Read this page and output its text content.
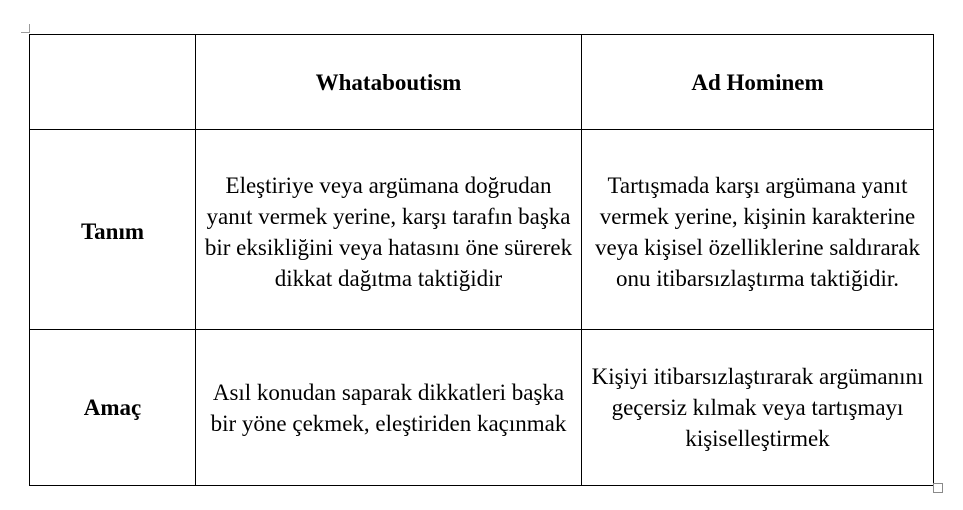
	Whataboutism	Ad Hominem
Tanım	Eleştiriye veya argümana doğrudan yanıt vermek yerine, karşı tarafın başka bir eksikliğini veya hatasını öne sürerek dikkat dağıtma taktiğidir	Tartışmada karşı argümana yanıt vermek yerine, kişinin karakterine veya kişisel özelliklerine saldırarak onu itibarsızlaştırma taktiğidir.

Amaç	Asıl konudan saparak dikkatleri başka bir yöne çekmek, eleştiriden kaçınmak	Kişiyi itibarsızlaştırarak argümanını geçersiz kılmak veya tartışmayı kişiselleştirmek
